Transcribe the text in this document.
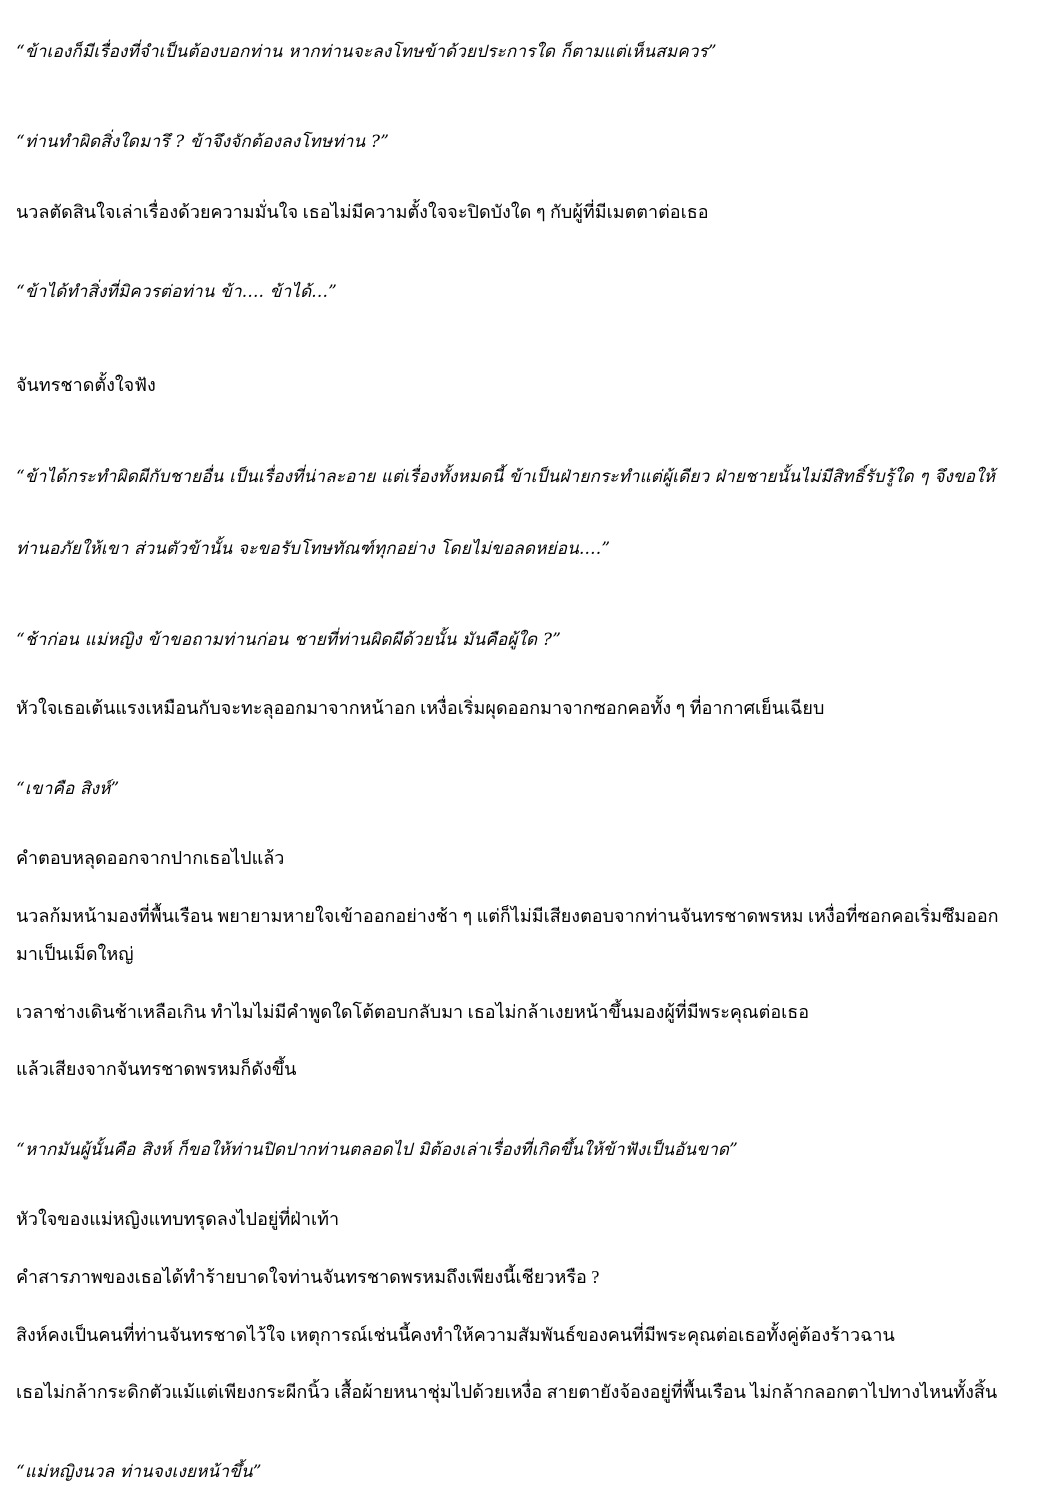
“ข้าเองก็มีเรื่องที่จำเป็นต้องบอกท่าน หากท่านจะลงโทษข้าด้วยประการใด ก็ตามแต่เห็นสมควร”
“ท่านทำผิดสิ่งใดมารึ ? ข้าจึงจักต้องลงโทษท่าน ?”
นวลตัดสินใจเล่าเรื่องด้วยความมั่นใจ เธอไม่มีความตั้งใจจะปิดบังใด ๆ กับผู้ที่มีเมตตาต่อเธอ
“ข้าได้ทำสิ่งที่มิควรต่อท่าน ข้า.... ข้าได้...”
จันทรชาดตั้งใจฟัง
“ข้าได้กระทำผิดผีกับชายอื่น เป็นเรื่องที่น่าละอาย แต่เรื่องทั้งหมดนี้ ข้าเป็นฝ่ายกระทำแต่ผู้เดียว ฝ่ายชายนั้นไม่มีสิทธิ์รับรู้ใด ๆ จึงขอให้
ท่านอภัยให้เขา ส่วนตัวข้านั้น จะขอรับโทษทัณฑ์ทุกอย่าง โดยไม่ขอลดหย่อน....”
“ช้าก่อน แม่หญิง ข้าขอถามท่านก่อน ชายที่ท่านผิดผีด้วยนั้น มันคือผู้ใด ?”
หัวใจเธอเต้นแรงเหมือนกับจะทะลุออกมาจากหน้าอก เหงื่อเริ่มผุดออกมาจากซอกคอทั้ง ๆ ที่อากาศเย็นเฉียบ
“เขาคือ สิงห์”
คำตอบหลุดออกจากปากเธอไปแล้ว
นวลก้มหน้ามองที่พื้นเรือน พยายามหายใจเข้าออกอย่างช้า ๆ แต่ก็ไม่มีเสียงตอบจากท่านจันทรชาดพรหม เหงื่อที่ซอกคอเริ่มซึมออก
มาเป็นเม็ดใหญ่
เวลาช่างเดินช้าเหลือเกิน ทำไมไม่มีคำพูดใดโต้ตอบกลับมา เธอไม่กล้าเงยหน้าขึ้นมองผู้ที่มีพระคุณต่อเธอ
แล้วเสียงจากจันทรชาดพรหมก็ดังขึ้น
“หากมันผู้นั้นคือ สิงห์ ก็ขอให้ท่านปิดปากท่านตลอดไป มิต้องเล่าเรื่องที่เกิดขึ้นให้ข้าฟังเป็นอันขาด”
หัวใจของแม่หญิงแทบทรุดลงไปอยู่ที่ฝ่าเท้า
คำสารภาพของเธอได้ทำร้ายบาดใจท่านจันทรชาดพรหมถึงเพียงนี้เชียวหรือ ?
สิงห์คงเป็นคนที่ท่านจันทรชาดไว้ใจ เหตุการณ์เช่นนี้คงทำให้ความสัมพันธ์ของคนที่มีพระคุณต่อเธอทั้งคู่ต้องร้าวฉาน
เธอไม่กล้ากระดิกตัวแม้แต่เพียงกระผีกนิ้ว เสื้อผ้ายหนาชุ่มไปด้วยเหงื่อ สายตายังจ้องอยู่ที่พื้นเรือน ไม่กล้ากลอกตาไปทางไหนทั้งสิ้น
“แม่หญิงนวล ท่านจงเงยหน้าขึ้น”
